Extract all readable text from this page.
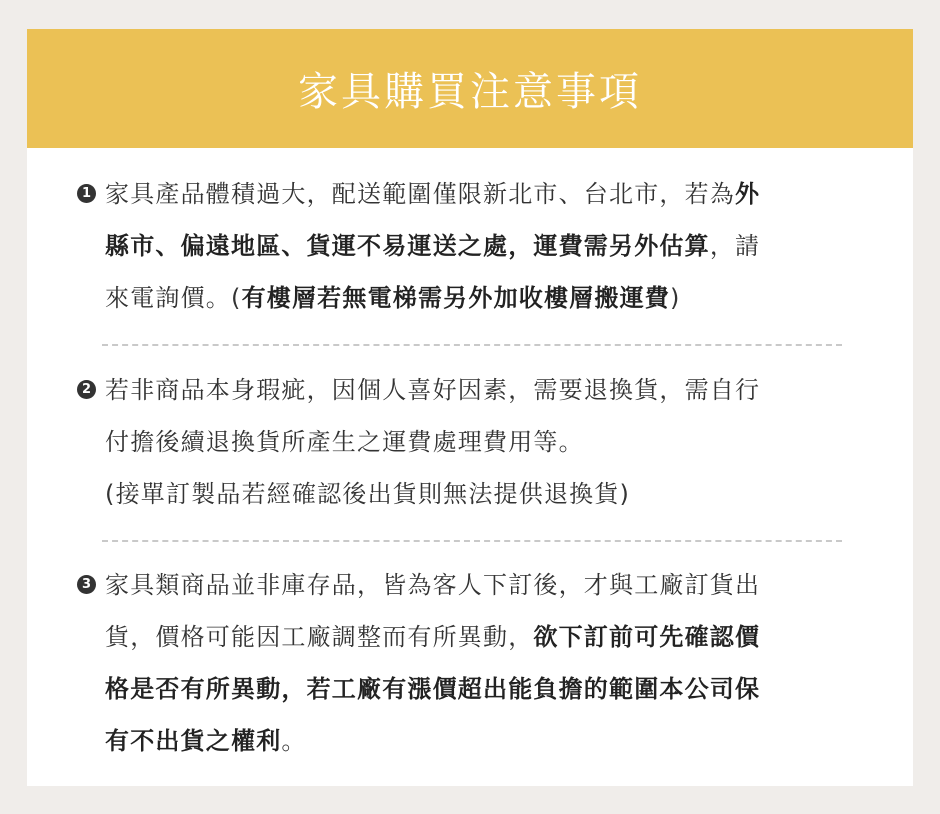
家具購買注意事項
1 家具產品體積過大，配送範圍僅限新北市、台北市，若為外
縣市、偏遠地區、貨運不易運送之處，運費需另外估算，請
來電詢價。(有樓層若無電梯需另外加收樓層搬運費)
2 若非商品本身瑕疵，因個人喜好因素，需要退換貨，需自行
付擔後續退換貨所產生之運費處理費用等。
(接單訂製品若經確認後出貨則無法提供退換貨)
3 家具類商品並非庫存品，皆為客人下訂後，才與工廠訂貨出
貨，價格可能因工廠調整而有所異動，欲下訂前可先確認價
格是否有所異動，若工廠有漲價超出能負擔的範圍本公司保
有不出貨之權利。
